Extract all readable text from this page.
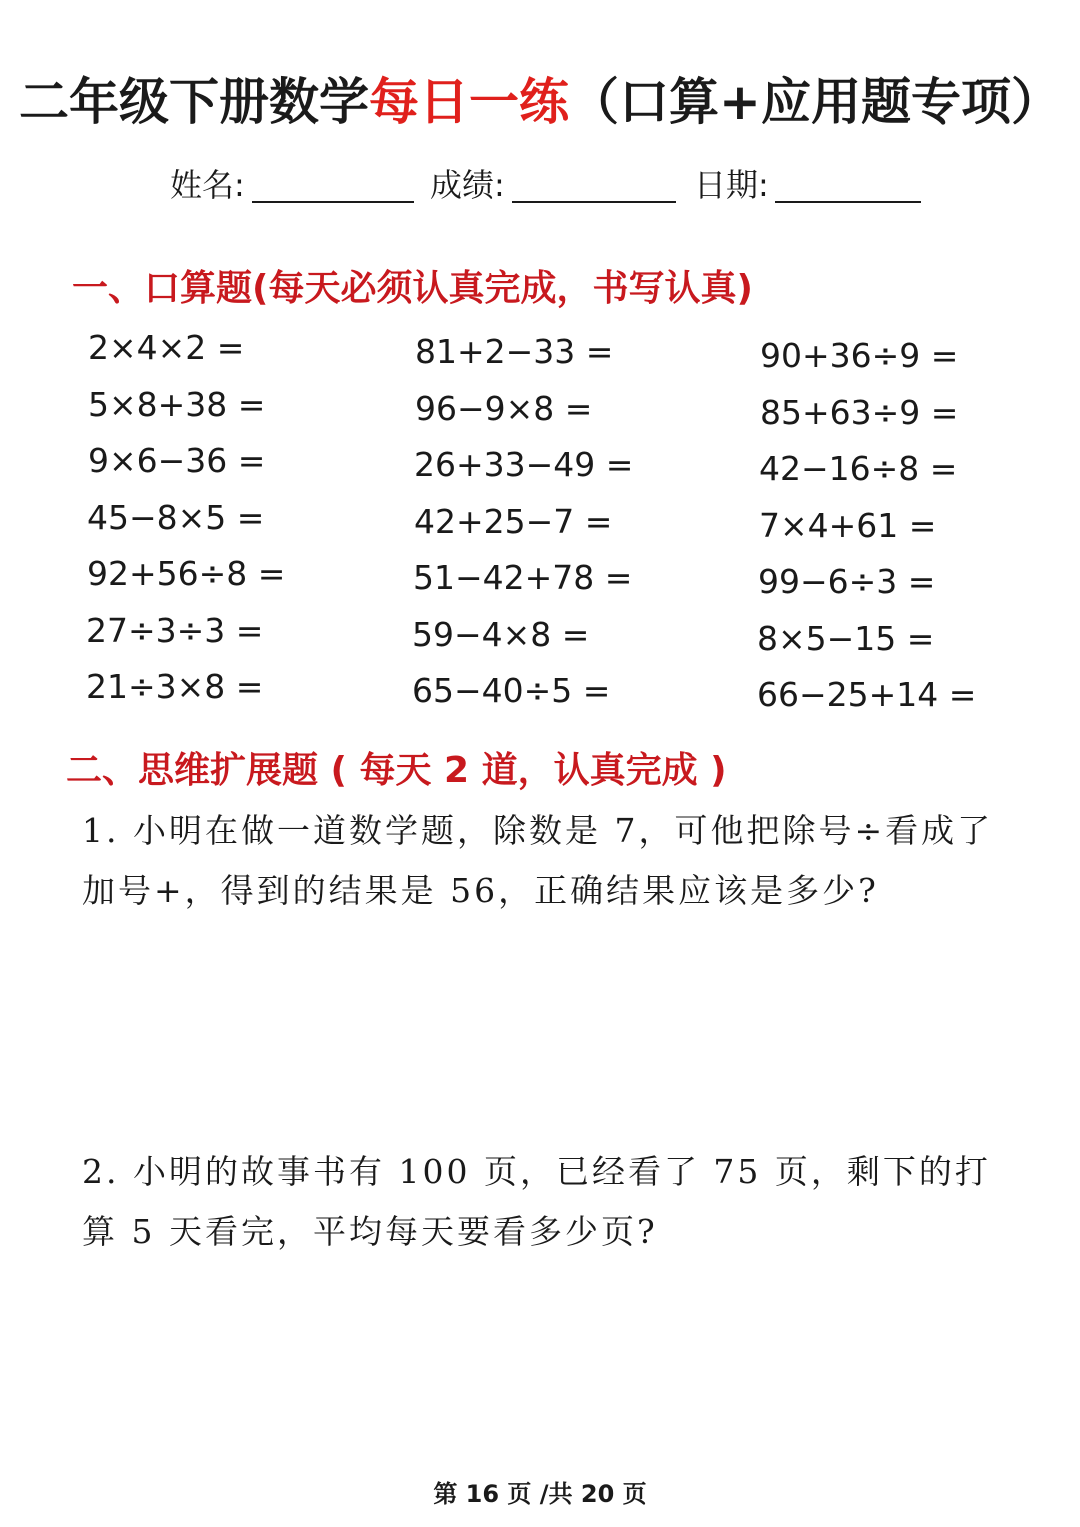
二年级下册数学每日一练（口算+应用题专项）
姓名:	成绩:	日期:
一、口算题(每天必须认真完成，书写认真)
2×4×2 =
5×8+38 =
9×6−36 =
45−8×5 =
92+56÷8 =
27÷3÷3 =
21÷3×8 =
81+2−33 =
96−9×8 =
26+33−49 =
42+25−7 =
51−42+78 =
59−4×8 =
65−40÷5 =
90+36÷9 =
85+63÷9 =
42−16÷8 =
7×4+61 =
99−6÷3 =
8×5−15 =
66−25+14 =
二、思维扩展题 ( 每天 2 道，认真完成 )
1. 小明在做一道数学题，除数是 7，可他把除号÷看成了加号+，得到的结果是 56，正确结果应该是多少?
2. 小明的故事书有 100 页，已经看了 75 页，剩下的打算 5 天看完，平均每天要看多少页?
第 16 页 /共 20 页
